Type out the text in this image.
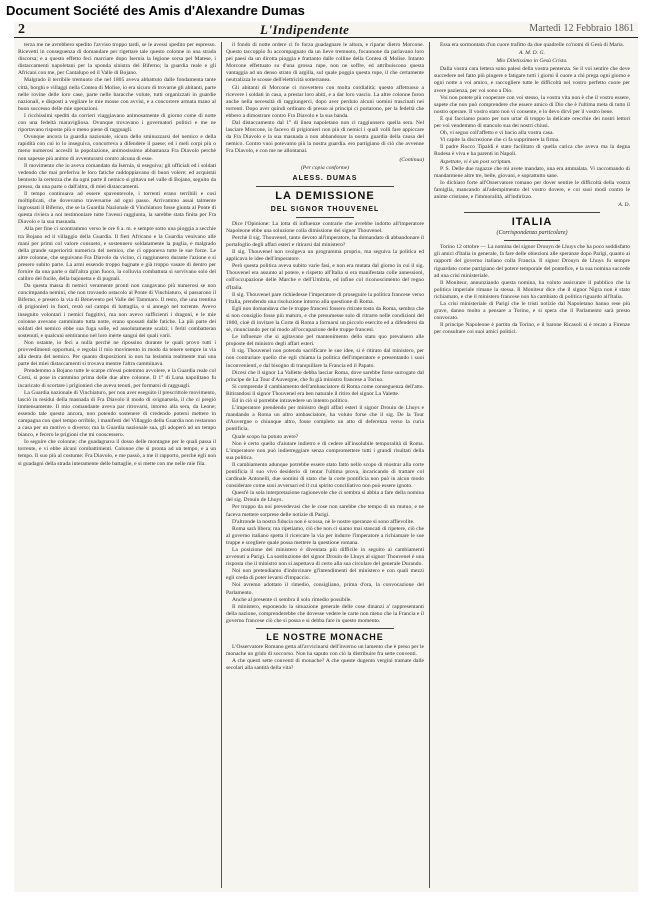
Document Société des Amis d'Alexandre Dumas
2	L'Indipendente	Martedì 12 Febbraio 1861

terza me ne avrebbero spedito l'avviso troppo tardi, se le avessi spedito per espresso. Ricevetti in conseguenza di domandare per rigettare tale questo colonne in una strada discorsa; e a questo effetto feci marciare dopo Isernia la legione sorsa pel Matese, i distaccamenti napoletani per la sponda sinistra del Biferno; la guardia reale e gli Africani con me, per Cantalupo ed il Valle di Bojano.

Malgrado il terribile tremuoto che nel 1805 aveva abbattuto dalle fondamenta tante città, borghi e villaggi nella Contea di Molise, io era sicuro di trovarne gli abitanti, parte nelle rovine delle loro case, parte nelle baracche volute, tutti organizzati in guardie nazionali, e disposti a vegliare le mie mosse con avvisi, e a concorrere armata mano al buon successo delle mie operazioni.

I ricchissimi spediti da corrieri viaggiavano animosamente di giorno come di notte con una fedeltà maravigliosa. Ovunque trovavano i governatori politici e me ne riportavano risposte più o meno piene di ragguagli.

Ovunque ancora la guardia nazionale, sicura dello sminuzzarsi del nemico e della rapidità con cui io lo inseguiva, concorreva a difendere il paese; ed i meli corpi più o meno numerosi accesili la popolazione, animosissimo abbastanza Fra Diavolo perchè non sapesse più animo di avventurarsi contro alcuna di esse.

Il movimento che io aveva comandato da Isernia, si eseguiva; gli ufficiali ed i soldati vedendo che mai preferiva le loro fatiche raddoppiavano di buon volere; ed acquistai bentosto la certezza che da ogni parte il nemico si gittava nel valle di Bojano, seguito da presso, da una parte o dall'altra, di miei distaccamenti.

Il tempo continuava ad essere spaventevole, i torrenti erano terribili e così moltiplicati, che dovevamo traversarne ad ogni passo. Arrivammo assai talmente ingrossati il Biferno, che se la Guardia Nazionale di Vinchiaturo fosse giunta al Ponte di questa riviera a noi testimoniare tutte l'avessi raggiunta, la sarebbe stata finita per Fra Diavolo e la sua masnada.

Alla per fine ci scontrammo verso le ore 6 a. m. e sempre sotto una pioggia a secchie tra Bojano ed il villaggio della Guardia. Il fieri Africano e la Guardia venivano alle mani per primi col valore consueto, e sostennero soldatamente la puglia, e malgrado della grande superiorità numerica del nemico, che ci opponeva tutte le sue forze. Le altre colonne, che seguivano Fra Diavolo da vicino, ci raggiunsero durante l'azione e si presero subito parte. La armi essendo troppo bagnate e già troppo vasare di dentro per fornire da una parte o dall'altra gran fuoco, la colluvia combattuta si sorvivano solo del calibro del fucile, della bajonetta e di pugnali.

Da questa massa di nemici veramente pronti non cangavano più numerosi se non concimpanda nemini, che non trovando ostacolo al Ponte di Vinchiaturo, sì passarono il Biferno, e presero la via di Benevento pel Valle del Tammaro. Il resto, che una trentina di prigionieri in fuori, restò sul campo di battaglia, o si annegò nel torrente. Avevo insegnito volontari i nemici fuggitivi, ma non avevo sufficienti i dragoni, e le mie colonne avevano camminato tutta notte, erano spossati dalle fatiche. La più parte dei soldati del nemico ebbe sua fuga solle, ed assolutamente scalzi; i feriti combatteran sostenuti, e qualcuni sentiranno nel loro inerte sangui dei quali varii.

Non ostante, io feci a nulla perchè ne ripossino durante le quali provo tutti i provvedimenti opportuni, e regolai il mio movimento in modo da tenere sempre in via alla destra del nemico. Per quanto disposizioni io non ha lesiamia realmente mai una parte dei miei distaccamenti si trovava mentre l'altra camminava.

Prendemmo a Bojano tutte le scarpe ch'essi potemmo avvolere, e la Guardia reale col Corsi, si pose in cammino prima delle due altre colonne. Il 1° di Luna napolitano fu incaricato di scortare i prigionieri che aveva tenuti, per formarsi di ragguagli.

La Guardia nazionale di Vinchiaturo, per non aver eseguito il prescrittole movimento, lasciò in residui della masnada di Fra Diavolo il modo di svignarsela, il che ci pregiò immensamente. Il mio comandante aveva par ritrovarsi, intorno alla sera, da Leone; essendo tale questo ancora, non potendo sostenere di credendo potersi mettere in campagna con quel tempo orribile, i manifesti del Villaggio della Guardia non restarono a casa per un motivo o diverso; ma la Guardia nazionale sua, gli adoperò ad un tempo bianco, e fecero le prigioni che mi cooscessero.

Io seguire che colonne; che guadagnava il dosso delle montagne per le quali passa il torrente, e vi ebbe alcuni combattimenti. Colonne che si pronta ad un tempo, e a un tempo. Il suo più al costume: Fra Diavolo, e me passò, a me il rapporto, perchè egli non si guadagni della strada interamente delle battaglie, e si mette con me nelle mie fila.

il fondo di notte ordere ci fo forza guadagnare le altura, e riparar dietro Morcone. Questo taccoppio fu accompagnato da un lieve tremuoto, focannone da parlavano loro pei paesi da un dirotta pioggia e frattanto dalle colline della Contea di Molise. Intanto Morcone effettuato su d'una grossa rupe, non ne soffre, ed attribuiscono questa vantaggia ad un denso strato di argilla, sul quale poggia questa rupe, il che certamente neutralizza le scosse dell'elettricità sotterranea.

Gli abitanti di Morcone ci ricevettero con molta cordialità; questo affettuoso a ricevere i soldati in casa, a prestar loro abiti, e a dar loro vascio. La altre colonne furon anche nella necessità di raggiungerci, dopo aver perduto alcuni uomini trascinati nei torrenti. Dopo aver quindi ordinato di presso ai principi ci portarono, per la fedeltà che ebbero a dimostrare contro Fra Diavolo e la sua banda.

Dal distaccamento dal 1° di linea napoletano non ci raggiunsero quella sera. Nel lasciare Morcone, io facevo di prigionieri non più di nemici i quali volli fare appiccare da Fra Diavolo e la sua masnada a non abbandonar la nostra guardia della causa del nemico. Contro vuoi potevamo più la nostra guardia. ero partigiano di ciò che avvenne Fra Diavolo, e con me ne allontanai.

(Continua)
(Per copia conforme)
ALESS. DUMAS
LA DEMISSIONE
DEL SIGNOR THOUVENEL

Dice l'Opinione: La lotta di influenze contrarie che avrebbe indotto all'imperatore Napoleone ebbe una soluzione colla dimissione del signor Thouvenel.

Perchè il sig. Thouvenel, tanto devoto all'imperatore, ha domandato di abbandonare il portafoglio degli affari esteri e ritirarsi dal ministero?

Il sig. Thouvenel non svolgeva un programma proprio, ma seguiva la politica ed applicava le idee dell'imperatore.

Però questa politica aveva subito varie fasi, e non era mutata dal giorno in cui il sig. Thouvenel era assunto al potere, e rispetto all'Italia si era manifestata colle annessioni, coll'occupazione delle Marche e dell'Umbria, ed infine col riconoscimento del regno d'Italia.

Il sig. Thouvenel pare richiedesse l'imperatore di proseguire la politica francese verso l'Italia, prendendo una risoluzione intorno alla questione di Roma.

Egli non domandava che le truppe francesi fossero ritirate tosto da Roma, sembra che si non consiglio fosse più maturo, e che presumesse solo di ritrarre nelle condizioni del 1860, cioè di invitare la Corte di Roma a formarsi un piccolo esercito ed a difendersi da sè, rinunciando per tal modo all'occupazione delle truppe francesi.

Le influenze che si agitavano pel mantenimento dello statu quo prevalsero alle proposte del ministro degli affari esteri.

Il sig. Thouvenel non potendo sacrificare le sue idee, si è ritirato dal ministero, per non contrariare quello che egli chiama la politica dell'imperatore e presentando i suoi inconvenienti, e dal bisogno di tranquillare la Francia ed il Papato.

Dicesi che il signor La Vallette debba lasciar Roma, dove sarebbe forse surrogato dal principe de La Tour d'Auvergne, che fu già ministro francese a Torino.

Si comprende il cambiamento dell'ambasciatore di Roma come conseguenza dell'atto. Ritirandosi il signor Thouvenel era ben naturale il ritiro del signor La Valette.

Ed in ciò si potrebbe intravedere un intento politico.

L'imperatore prendendo per ministro degli affari esteri il signor Drouin de Lhuys e mandando a Roma un altro ambasciatore, ha voluto forse che il sig. De la Tour d'Auvergne o chiunque altro, fosse completo un atto di deferenza verso la curia pontificia.

Quale scopo ha potuto avere?

Non è certo quello d'aiutare indietro e di cedere all'insolubile temporalità di Roma. L'imperatore non può indietreggiare senza compromettere tutti i grandi risultati della sua politica.

Il cambiamento adunque potrebbe essere stato fatto nello scopo di mostrar alla corte pontificia il suo vivo desiderio di tentar l'ultima prova, incaricando di trattare col cardinale Antonelli, due uomini di stato che la corte pontificia non può in alcun modo considerare come suoi avversari ed il cui spirito conciliativo non può essere ignoto.

Quest'è la sola interpretazione ragionevole che ci sembra si abbia a fare della nomina del sig. Drouin de Lhuys.

Per troppo da noi prevedevasi che le cose non sarebbe che tempo di un mutuo, e ne faceva mettere sorprese delle notizie di Parigi.

D'altronde la nostra fiducia non è scossa, nè le nostre speranze si sono affievolite.

Roma sarà libera; ma ripetiamo, ciò che non ci siamo mai stancati di ripetere, ciò che al governo italiano spetta il ricercare la via per indurre l'imperatore a richiamare le sue truppe e scegliere quale possa mettere la questione romana.

La posizione del ministero è diventata più difficile in seguito ai cambiamenti avvenuti a Parigi. La sostituzione del signor Drouin de Lhuys al signor Thouvenel è una risposta che il ministro non si aspettava di certo alla sua circolare del generale Durando.

Noi non pretendiamo d'indovinare gl'intendimenti del ministero e con quali mezzi egli creda di poter levarsi d'impaccio.

Noi avremo adottato il rimedio, consigliano, prima d'ora, la convocazione del Parlamento.

Anche al presente ci sembra il solo rimedio possibile.

Il ministero, esponendo la situazione generale delle cose dinanzi a' rappresentanti della nazione, comprenderebbe che dovesse vedere le carte non meno che la Francia e il governo francese ciò che si possa e si debba fare in questo momento.

LE NOSTRE MONACHE

L'Osservatore Romano getta all'avvicinarsi dell'inverno un lamento che è preso per le monache un grido di soccorso. Non ha saputo con ciò la distribuire fra sette conventi.

A che questi sette conventi di monache? A che queste dugento vergini tramate dalle secolari alla santità della vita?

Essa era sormontata d'un cuore trafitto da due quadrelle co'nomi di Gesù di Maria.

A. M. D. G.
Mio Diletissimo in Gesù Cristo.

Dalla vostra cara lettera sono palesi della vostra pentenza. Se il voi sentire che deve succedere nel fatto più pingere e fatigare tutti i giorni il cuore a chi prega ogni giorno e ogni notte a voi amico, e raccogliere tutte le difficoltà nel vostro perfetto cuore per avere pazienza, per voi sono a Dio.

Voi non potete più cooperare con voi stesso, la vostra vita non è che il vostro essere, sapete che non può comprendere che essere amico di Dio che è l'ultima meta di tutto il nostro operare. Il vostro stato non vi consente, e lo devo dirvi per il vostro bene.

E qui facciamo punto per non urtar di troppo la delicate orecchie dei nostri lettori per voi vendemmo di stancolo sua dei nostri chiusi.

Oh, vi seguo coll'affetto e vi bacio alla vostra casa.

Vi capite la discrezione che ci fa supprimere la firma.

Il padre Rocco Tipaldi è stato facilitato di quella carica che aveva ma la degna Rudesa è viva e ha parenti in Napoli.

Aspettate, vi è un post scriptum.

P. S. Delle due ragazze che mi avete mandato, una era ammalata. Vi raccomando di mandarmene altre tre, belle, giovani, e soprattutto sane.

Io dichiaro forte all'Osservatore romano per dover sentire le difficoltà della vostra famiglia, mancando all'adempimento del vostro dovere, e coi suoi modi contro le anime cristiane, e l'immoralità, all'indirizzo.

A. D.
ITALIA
(Corrispondenza particolare)

Torino 12 ottobre — La nomina del signor Drouyn de Lhuys che ha poco soddisfatto gli amici d'Italia in generale, fa fare delle obiezioni alle speranze dopo Parigi, quanto ai rapporti del governo italiano colla Francia. Il signor Drouyn de Lhuys fu sempre riguardato come partigiano del potere temporale del pontefice, e la sua nomina succede ad una crisi ministeriale.

Il Moniteur, annunziando questa nomina, ha voluto assicurare il pubblico che la politica imperiale rimane la stessa. Il Moniteur dice che il signor Nigra non è stato richiamato, e che il ministero francese non ha cambiato di politica riguardo all'Italia.

La crisi ministeriale di Parigi che le tristi notizie dal Napoletano hanno rese più grave, danno molto a pensare a Torino, e si spera che il Parlamento sarà presto convocato.

Il principe Napoleone è partito da Torino, e il barone Ricasoli si è recato a Firenze per consultare coi suoi amici politici.
